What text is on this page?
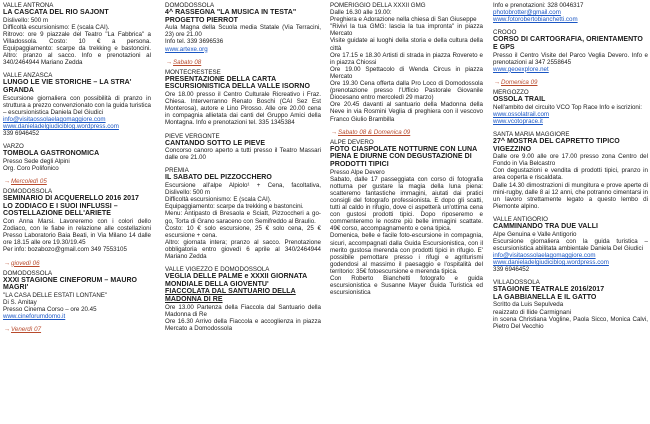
VALLE ANTRONA
LA CASCATA DEL RIO SAJONT
Dislivello: 500 m
Difficoltà escursionismo: E (scala CAI).
Ritrovo: ore 9 piazzale del Teatro "La Fabbrica" a Villadossola. Costo: 10 € a persona. Equipaggiamento: scarpe da trekking e bastoncini. Altro: pranzo al sacco. Info e prenotazioni al 340/2464944 Mariano Zedda
VALLE ANZASCA
LUNGO LE VIE STORICHE – LA STRA' GRANDA
Escursione giornaliera con possibilità di pranzo in struttura a prezzo convenzionato con la guida turistica – escursionistica Daniela Del Giudici
info@visitaossolaelagomaggiore.com
www.danieladelgiudiciblog.wordpress.com
339 6946452
VARZO
TOMBOLA GASTRONOMICA
Presso Sede degli Alpini
Org. Coro Polifonico
→Mercoledì 05
DOMODOSSOLA
SEMINARIO DI ACQUERELLO 2016 2017
LO ZODIACO E I SUOI INFLUSSI – COSTELLAZIONE DELL'ARIETE
Con Anna Marsi. Lavoreremo con i colori dello Zodiaco, con le fiabe in relazione alle costellazioni Presso Laboratorio Baia Beati, in Via Milano 14 dalle ore 18.15 alle ore 19.30/19.45
Per info: bozabozo@gmail.com 349 7553105
→giovedì 06
DOMODOSSOLA
XXXI STAGIONE CINEFORUM – MAURO MAGRI'
"LA CASA DELLE ESTATI LONTANE"
Di S. Amitay
Presso Cinema Corso – ore 20.45
www.cineforumdomo.it
→Venerdì 07
DOMODOSSOLA
4^ RASSEGNA "LA MUSICA IN TESTA"
PROGETTO PIERROT
Aula Magna della Scuola media Statale (Via Terracini, 23) ore 21.00
Info tel. 339 3696536
www.artexe.org
→Sabato 08
MONTECRESTESE
PRESENTAZIONE DELLA CARTA ESCURSIONISTICA DELLA VALLE ISORNO
Ore 18.00 presso il Centro Culturale Ricreativo i Fraz. Chiesa. Interverranno Renato Boschi (CAI Sez Est Monterosa), autore e Lino Pirosso. Alle ore 20.00 cena in compagnia allietata dai canti del Gruppo Amici della Montagna. Info e prenotazioni tel. 335 1345384
PIEVE VERGONTE
CANTANDO SOTTO LE PIEVE
Concorso canoro aperto a tutti presso il Teatro Massari dalle ore 21.00
PREMIA
IL SABATO DEL PIZZOCCHERO
Escursione all'alpe Alpiolo¹ + Cena, facoltativa, Dislivello: 500 m
Difficoltà escursionismo: E (scala CAI).
Equipaggiamento: scarpe da trekking e bastoncini.
Menu: Antipasto di Bresaola e Sciatt, Pizzoccheri a go-go, Torta di Grano saraceno con Semifreddo al Braulio.
Costo: 10 € solo escursione, 25 € solo cena, 25 € escursione + cena.
Altro: giornata intera; pranzo al sacco. Prenotazione obbligatoria entro giovedì 6 aprile al 340/2464944 Mariano Zedda
VALLE VIGEZZO E DOMODOSSOLA
VEGLIA DELLE PALME e XXXII GIORNATA MONDIALE DELLA GIOVENTU'
FIACCOLATA DAL SANTUARIO DELLA MADONNA DI RE
Ore 13.00 Partenza della Fiaccola dal Santuario della Madonna di Re
Ore 16.30 Arrivo della Fiaccola e accoglienza in piazza Mercato a Domodossola
POMERIGGIO DELLA XXXII GMG
Dalle 16.30 alle 19.00:
Preghiera e Adorazione nella chiesa di San Giuseppe
"Rivivi la tua GMG: lascia la tua impronta" in piazza Mercato
Visite guidate ai luoghi della storia e della cultura della città
Ore 17.15 e 18.30 Artisti di strada in piazza Rovereto e in piazza Chiossi
Ore 19.00 Spettacolo di Wenda Circus in piazza Mercato
Ore 19.30 Cena offerta dalla Pro Loco di Domodossola (prenotazione presso l'Ufficio Pastorale Giovanile Diocesano entro mercoledì 29 marzo)
Ore 20.45 davanti al santuario della Madonna della Neve in via Rosmini Veglia di preghiera con il vescovo Franco Giulio Brambilla
→Sabato 08 & Domenica 09
ALPE DEVERO
FOTO CIASPOLATE NOTTURNE CON LUNA PIENA E DIURNE CON DEGUSTAZIONE DI PRODOTTI TIPICI
Presso Alpe Devero
Sabato, dalle 17 passeggiata con corso di fotografia notturna per gustare la magia della luna piena: scatteremo fantastiche immagini, aiutati dai pratici consigli del fotografo professionista. E dopo gli scatti, tutti al caldo in rifugio, dove ci aspetterà un'ottima cena con gustosi prodotti tipici. Dopo riposeremo e commenteremo le nostre più belle immagini scattate. 49€ corso, accompagnamento e cena tipica.
Domenica, belle e facile foto-escursione in compagnia, sicuri, accompagnati dalla Guida Escursionistica, con il merito gustosa merenda con prodotti tipici in rifugio. E' possibile pernottare presso i rifugi e agriturismi godendosi al massimo il paesaggio e l'ospitalità del territorio: 35€ fotoescursione e merenda tipica.
Con Roberto Bianchetti fotografo e guida escursionistica e Susanne Mayer Guida Turistica ed escursionistica
Info e prenotazioni: 328 0046317
photobrotter@gmail.com
www.fotorobertobianchetti.com
CROOO
CORSO DI CARTOGRAFIA, ORIENTAMENTO E GPS
Presso il Centro Visite del Parco Veglia Devero. Info e prenotazioni al 347 2558645
www.geoexplore.net
→Domenica 09
MERGOZZO
OSSOLA TRAIL
Nell'ambito del circuito VCO Top Race Info e iscrizioni:
www.ossolatrail.com
www.vcotoprace.it
SANTA MARIA MAGGIORE
27^ MOSTRA DEL CAPRETTO TIPICO VIGEZZINO
Dalle ore 9.00 alle ore 17.00 presso zona Centro del Fondo in Via Belcastro
Con degustazioni e vendita di prodotti tipici, pranzo in area coperta e riscaldata.
Dalle 14.30 dimostrazioni di mungitura e prove aperte di mini-rugby, dalle 8 ai 12 anni, che potranno cimentarsi in un lavoro strettamente legato a questo lembo di Piemonte alpino.
VALLE ANTIGORIO
CAMMINANDO TRA DUE VALLI
Alpe Genuina e Valle Antigorio
Escursione giornaliera con la guida turistica – escursionistica abilitata ambientale Daniela Del Giudici
info@visitaossolaelagomaggiore.com
www.danieladelgiudiciblog.wordpress.com
339 6946452
VILLADOSSOLA
STAGIONE TEATRALE 2016/2017
LA GABBIANELLA E IL GATTO
Scritto da Luis Sepulveda
reaizzato di Ilide Carmignani
in scena Christiana Vogline, Paola Sicco, Monica Calvi, Pietro Del Vecchio
